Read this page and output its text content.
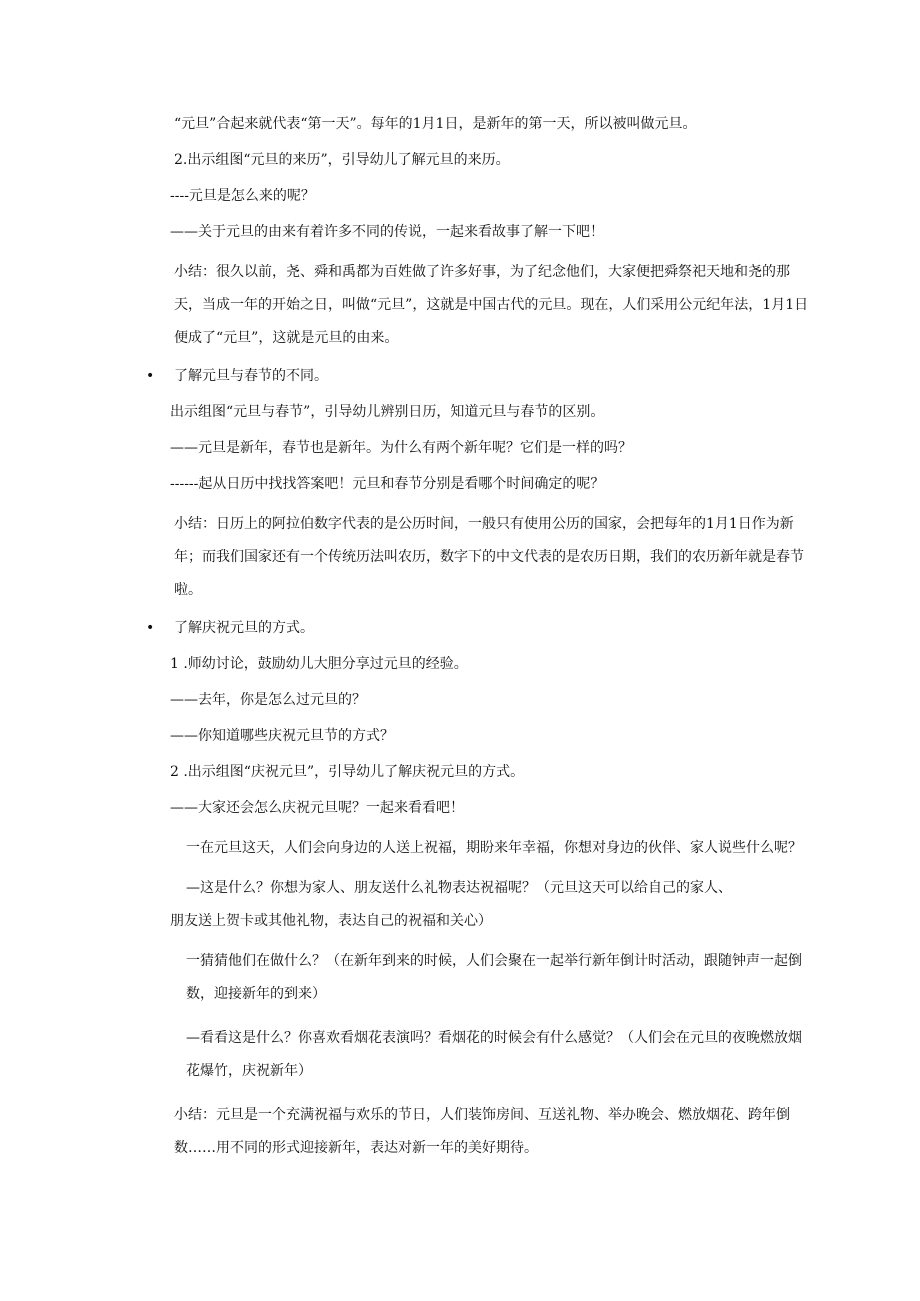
“元旦”合起来就代表“第一天”。每年的1月1日，是新年的第一天，所以被叫做元旦。

2.出示组图“元旦的来历”，引导幼儿了解元旦的来历。

----元旦是怎么来的呢？

——关于元旦的由来有着许多不同的传说，一起来看故事了解一下吧！

小结：很久以前，尧、舜和禹都为百姓做了许多好事，为了纪念他们，大家便把舜祭祀天地和尧的那天，当成一年的开始之日，叫做“元旦”，这就是中国古代的元旦。现在，人们采用公元纪年法，1月1日便成了“元旦”，这就是元旦的由来。

• 了解元旦与春节的不同。

出示组图“元旦与春节”，引导幼儿辨别日历，知道元旦与春节的区别。

——元旦是新年，春节也是新年。为什么有两个新年呢？它们是一样的吗？

------起从日历中找找答案吧！元旦和春节分别是看哪个时间确定的呢？

小结：日历上的阿拉伯数字代表的是公历时间，一般只有使用公历的国家，会把每年的1月1日作为新年；而我们国家还有一个传统历法叫农历，数字下的中文代表的是农历日期，我们的农历新年就是春节啦。

• 了解庆祝元旦的方式。

1 .师幼讨论，鼓励幼儿大胆分享过元旦的经验。

——去年，你是怎么过元旦的？

——你知道哪些庆祝元旦节的方式？

2 .出示组图“庆祝元旦”，引导幼儿了解庆祝元旦的方式。

——大家还会怎么庆祝元旦呢？一起来看看吧！

一在元旦这天，人们会向身边的人送上祝福，期盼来年幸福，你想对身边的伙伴、家人说些什么呢？

—这是什么？你想为家人、朋友送什么礼物表达祝福呢？（元旦这天可以给自己的家人、

朋友送上贺卡或其他礼物，表达自己的祝福和关心）

一猜猜他们在做什么？（在新年到来的时候，人们会聚在一起举行新年倒计时活动，跟随钟声一起倒数，迎接新年的到来）

—看看这是什么？你喜欢看烟花表演吗？看烟花的时候会有什么感觉？（人们会在元旦的夜晚燃放烟花爆竹，庆祝新年）

小结：元旦是一个充满祝福与欢乐的节日，人们装饰房间、互送礼物、举办晚会、燃放烟花、跨年倒数……用不同的形式迎接新年，表达对新一年的美好期待。
